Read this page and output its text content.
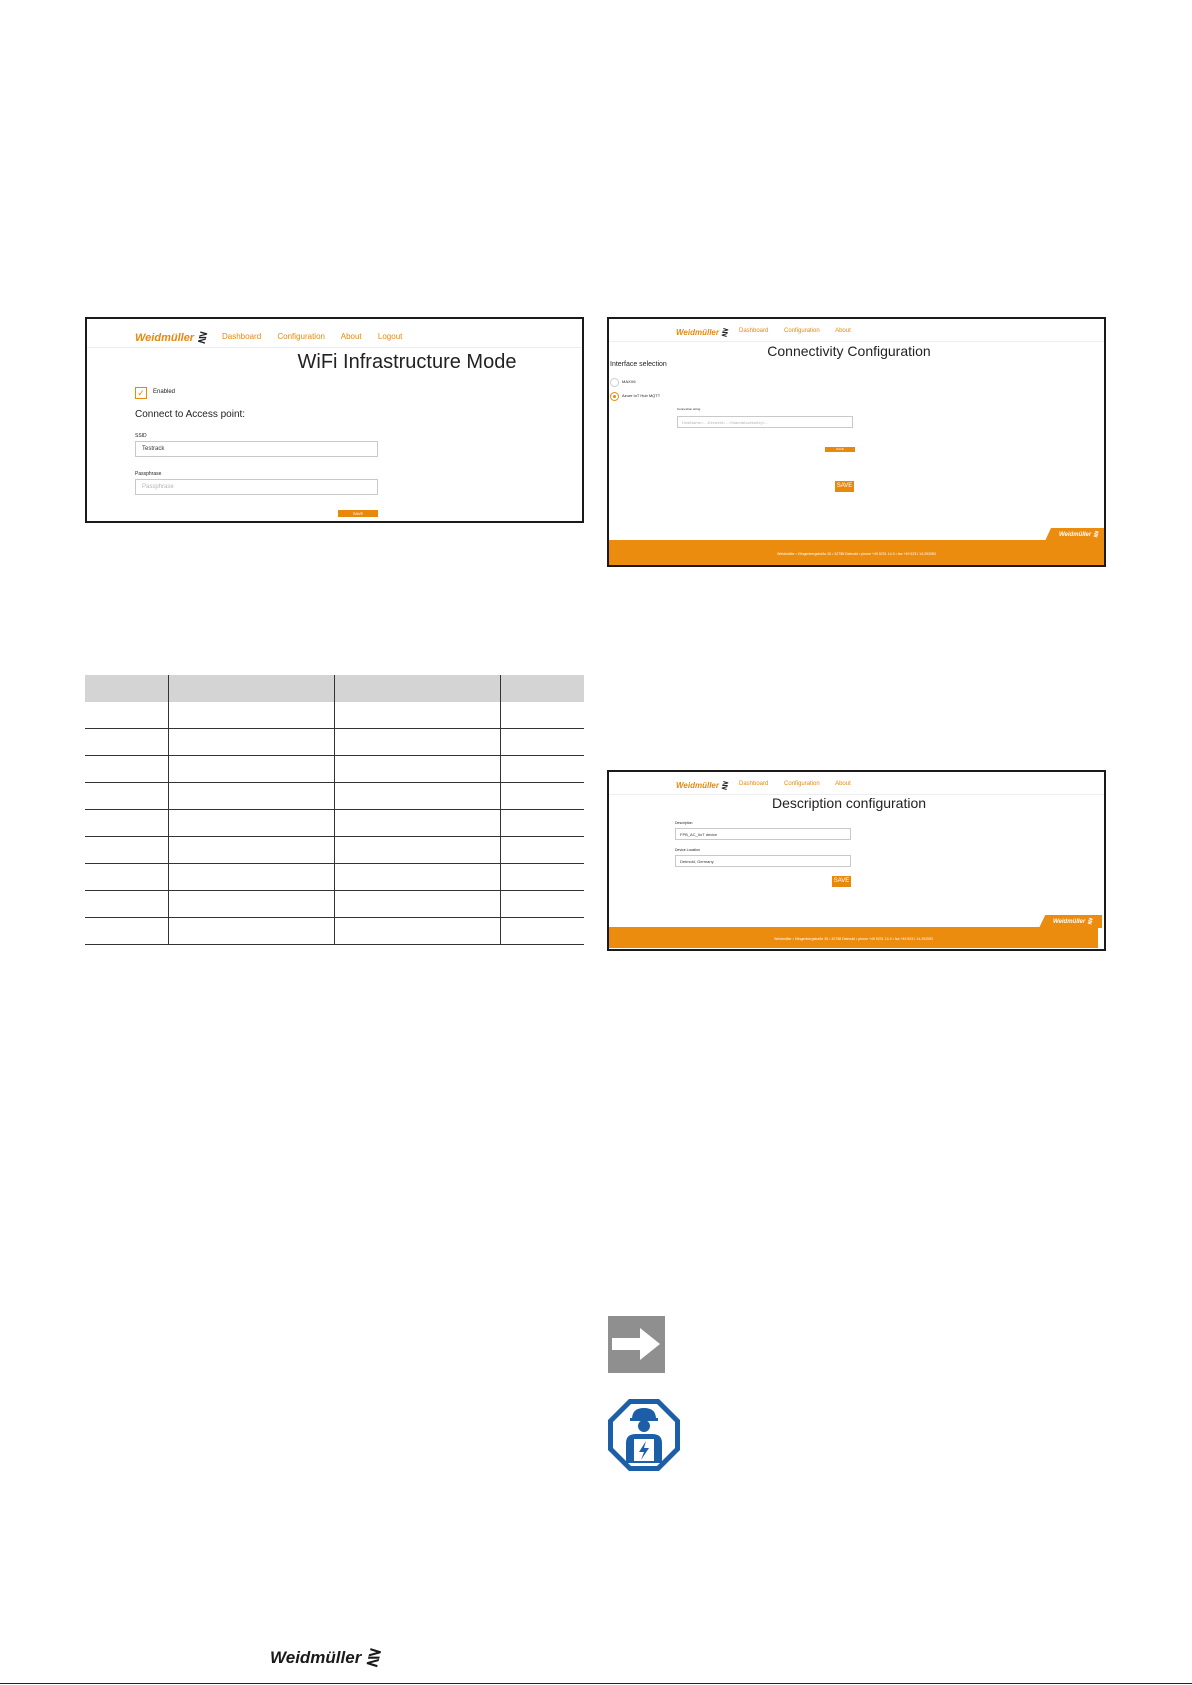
Weidmüller ⋛ Dashboard Configuration About Logout
WiFi Infrastructure Mode
✓	Enabled
Connect to Access point:
SSID
Testrack
Passphrase
Passphrase
SAVE CONNECTIVITY
Weidmüller ⋛ Dashboard	Configuration	About
Connectivity Configuration
Interface selection
MAXX6
Azure IoT Hub MQTT
Connection string
HostName=...;DeviceId=...;SharedAccessKey=...
SAVE CONNECTIVITY
SAVE
Weidmüller • Klingenbergstraße 26 • 32758 Detmold • phone +49 5231 14-0 • fax +49 5231 14-292083
Weidmüller ⋛

Weidmüller ⋛ Dashboard	Configuration	About
Description configuration
Description
FPB_AC_IIoT device
Device Location
Detmold, Germany
SAVE
Weidmüller • Klingenbergstraße 26 • 32758 Detmold • phone +49 5231 14-0 • fax +49 5231 14-292083
Weidmüller ⋛
Weidmüller ⋛
